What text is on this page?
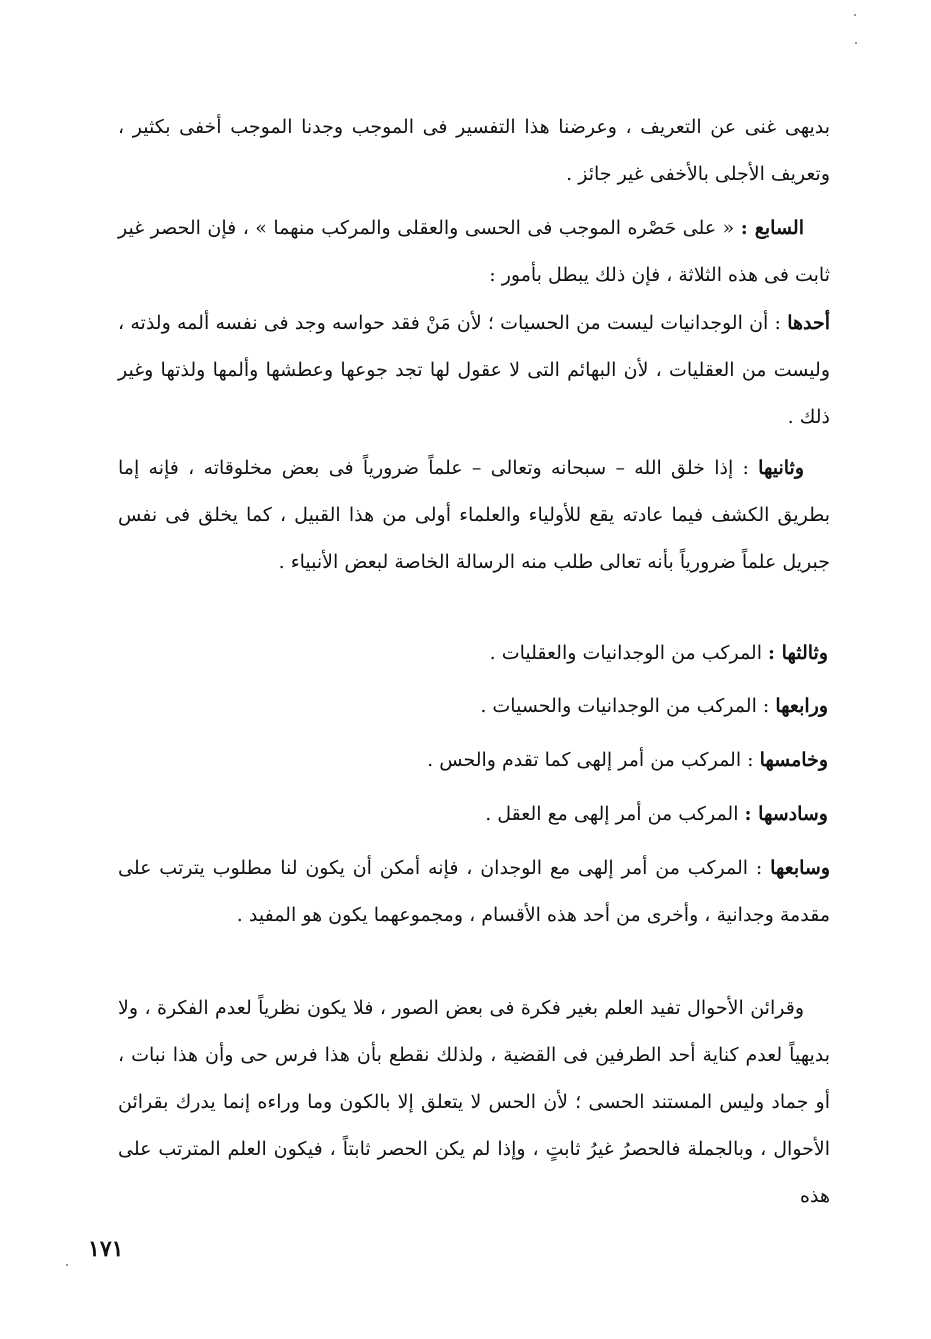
بديهى غنى عن التعريف ، وعرضنا هذا التفسير فى الموجب وجدنا الموجب أخفى بكثير ، وتعريف الأجلى بالأخفى غير جائز .

السابع : « على حَصْره الموجب فى الحسى والعقلى والمركب منهما » ، فإن الحصر غير ثابت فى هذه الثلاثة ، فإن ذلك يبطل بأمور :

أحدها : أن الوجدانيات ليست من الحسيات ؛ لأن مَنْ فقد حواسه وجد فى نفسه ألمه ولذته ، وليست من العقليات ، لأن البهائم التى لا عقول لها تجد جوعها وعطشها وألمها ولذتها وغير ذلك .

وثانيها : إذا خلق الله – سبحانه وتعالى – علماً ضرورياً فى بعض مخلوقاته ، فإنه إما بطريق الكشف فيما عادته يقع للأولياء والعلماء أولى من هذا القبيل ، كما يخلق فى نفس جبريل علماً ضرورياً بأنه تعالى طلب منه الرسالة الخاصة لبعض الأنبياء .

وثالثها : المركب من الوجدانيات والعقليات .
ورابعها : المركب من الوجدانيات والحسيات .
وخامسها : المركب من أمر إلهى كما تقدم والحس .
وسادسها : المركب من أمر إلهى مع العقل .

وسابعها : المركب من أمر إلهى مع الوجدان ، فإنه أمكن أن يكون لنا مطلوب يترتب على مقدمة وجدانية ، وأخرى من أحد هذه الأقسام ، ومجموعهما يكون هو المفيد .

وقرائن الأحوال تفيد العلم بغير فكرة فى بعض الصور ، فلا يكون نظرياً لعدم الفكرة ، ولا بديهياً لعدم كناية أحد الطرفين فى القضية ، ولذلك نقطع بأن هذا فرس حى وأن هذا نبات ، أو جماد وليس المستند الحسى ؛ لأن الحس لا يتعلق إلا بالكون وما وراءه إنما يدرك بقرائن الأحوال ، وبالجملة فالحصرُ غيرُ ثابتٍ ، وإذا لم يكن الحصر ثابتاً ، فيكون العلم المترتب على هذه

١٧١
